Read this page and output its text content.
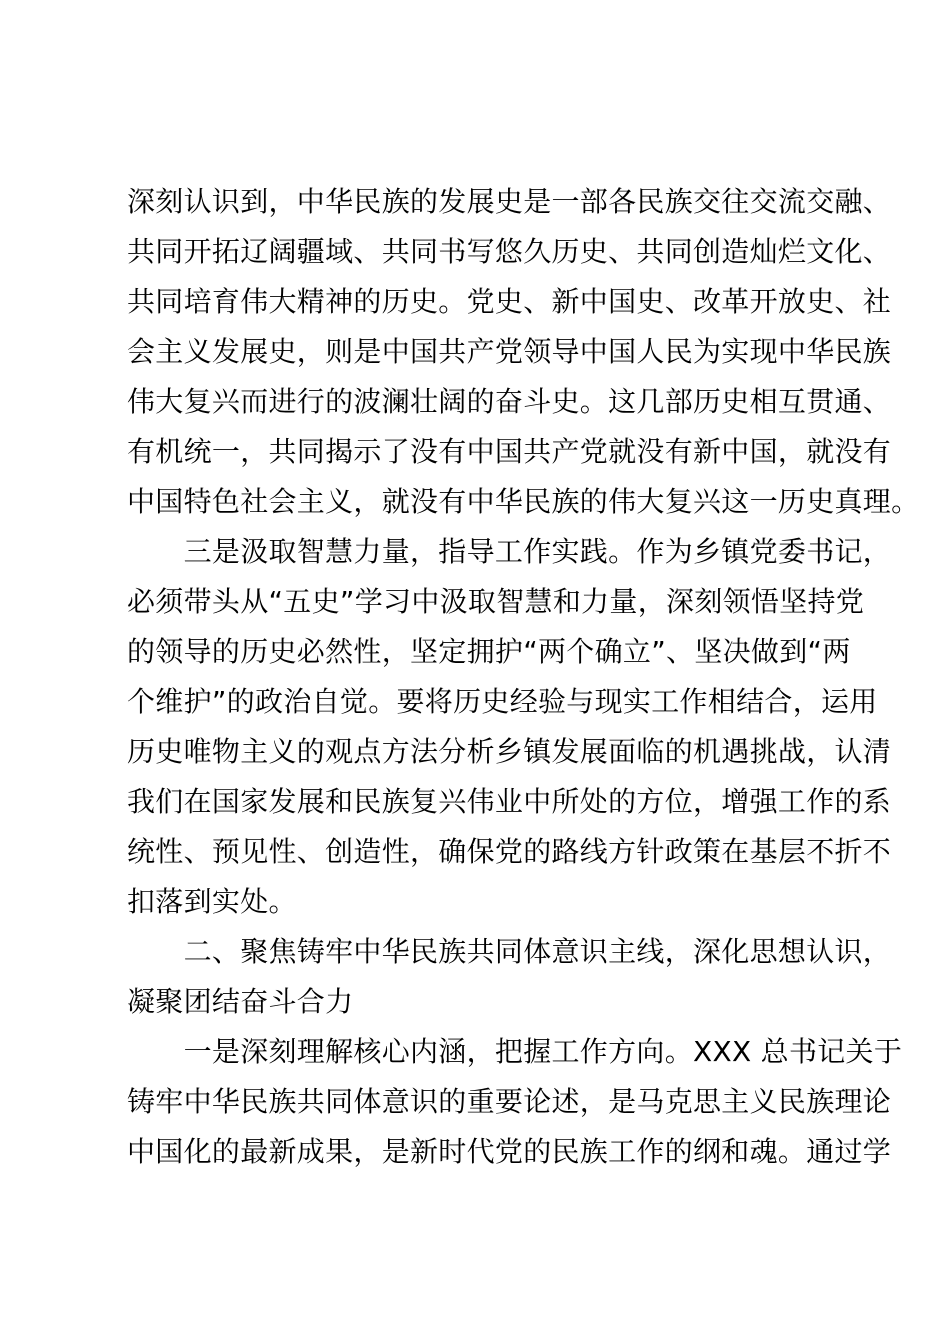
深刻认识到，中华民族的发展史是一部各民族交往交流交融、

共同开拓辽阔疆域、共同书写悠久历史、共同创造灿烂文化、

共同培育伟大精神的历史。党史、新中国史、改革开放史、社

会主义发展史，则是中国共产党领导中国人民为实现中华民族

伟大复兴而进行的波澜壮阔的奋斗史。这几部历史相互贯通、

有机统一，共同揭示了没有中国共产党就没有新中国，就没有

中国特色社会主义，就没有中华民族的伟大复兴这一历史真理。

　　三是汲取智慧力量，指导工作实践。作为乡镇党委书记，

必须带头从“五史”学习中汲取智慧和力量，深刻领悟坚持党

的领导的历史必然性，坚定拥护“两个确立”、坚决做到“两

个维护”的政治自觉。要将历史经验与现实工作相结合，运用

历史唯物主义的观点方法分析乡镇发展面临的机遇挑战，认清

我们在国家发展和民族复兴伟业中所处的方位，增强工作的系

统性、预见性、创造性，确保党的路线方针政策在基层不折不

扣落到实处。

　　二、聚焦铸牢中华民族共同体意识主线，深化思想认识，

凝聚团结奋斗合力

　　一是深刻理解核心内涵，把握工作方向。XXX 总书记关于

铸牢中华民族共同体意识的重要论述，是马克思主义民族理论

中国化的最新成果，是新时代党的民族工作的纲和魂。通过学
